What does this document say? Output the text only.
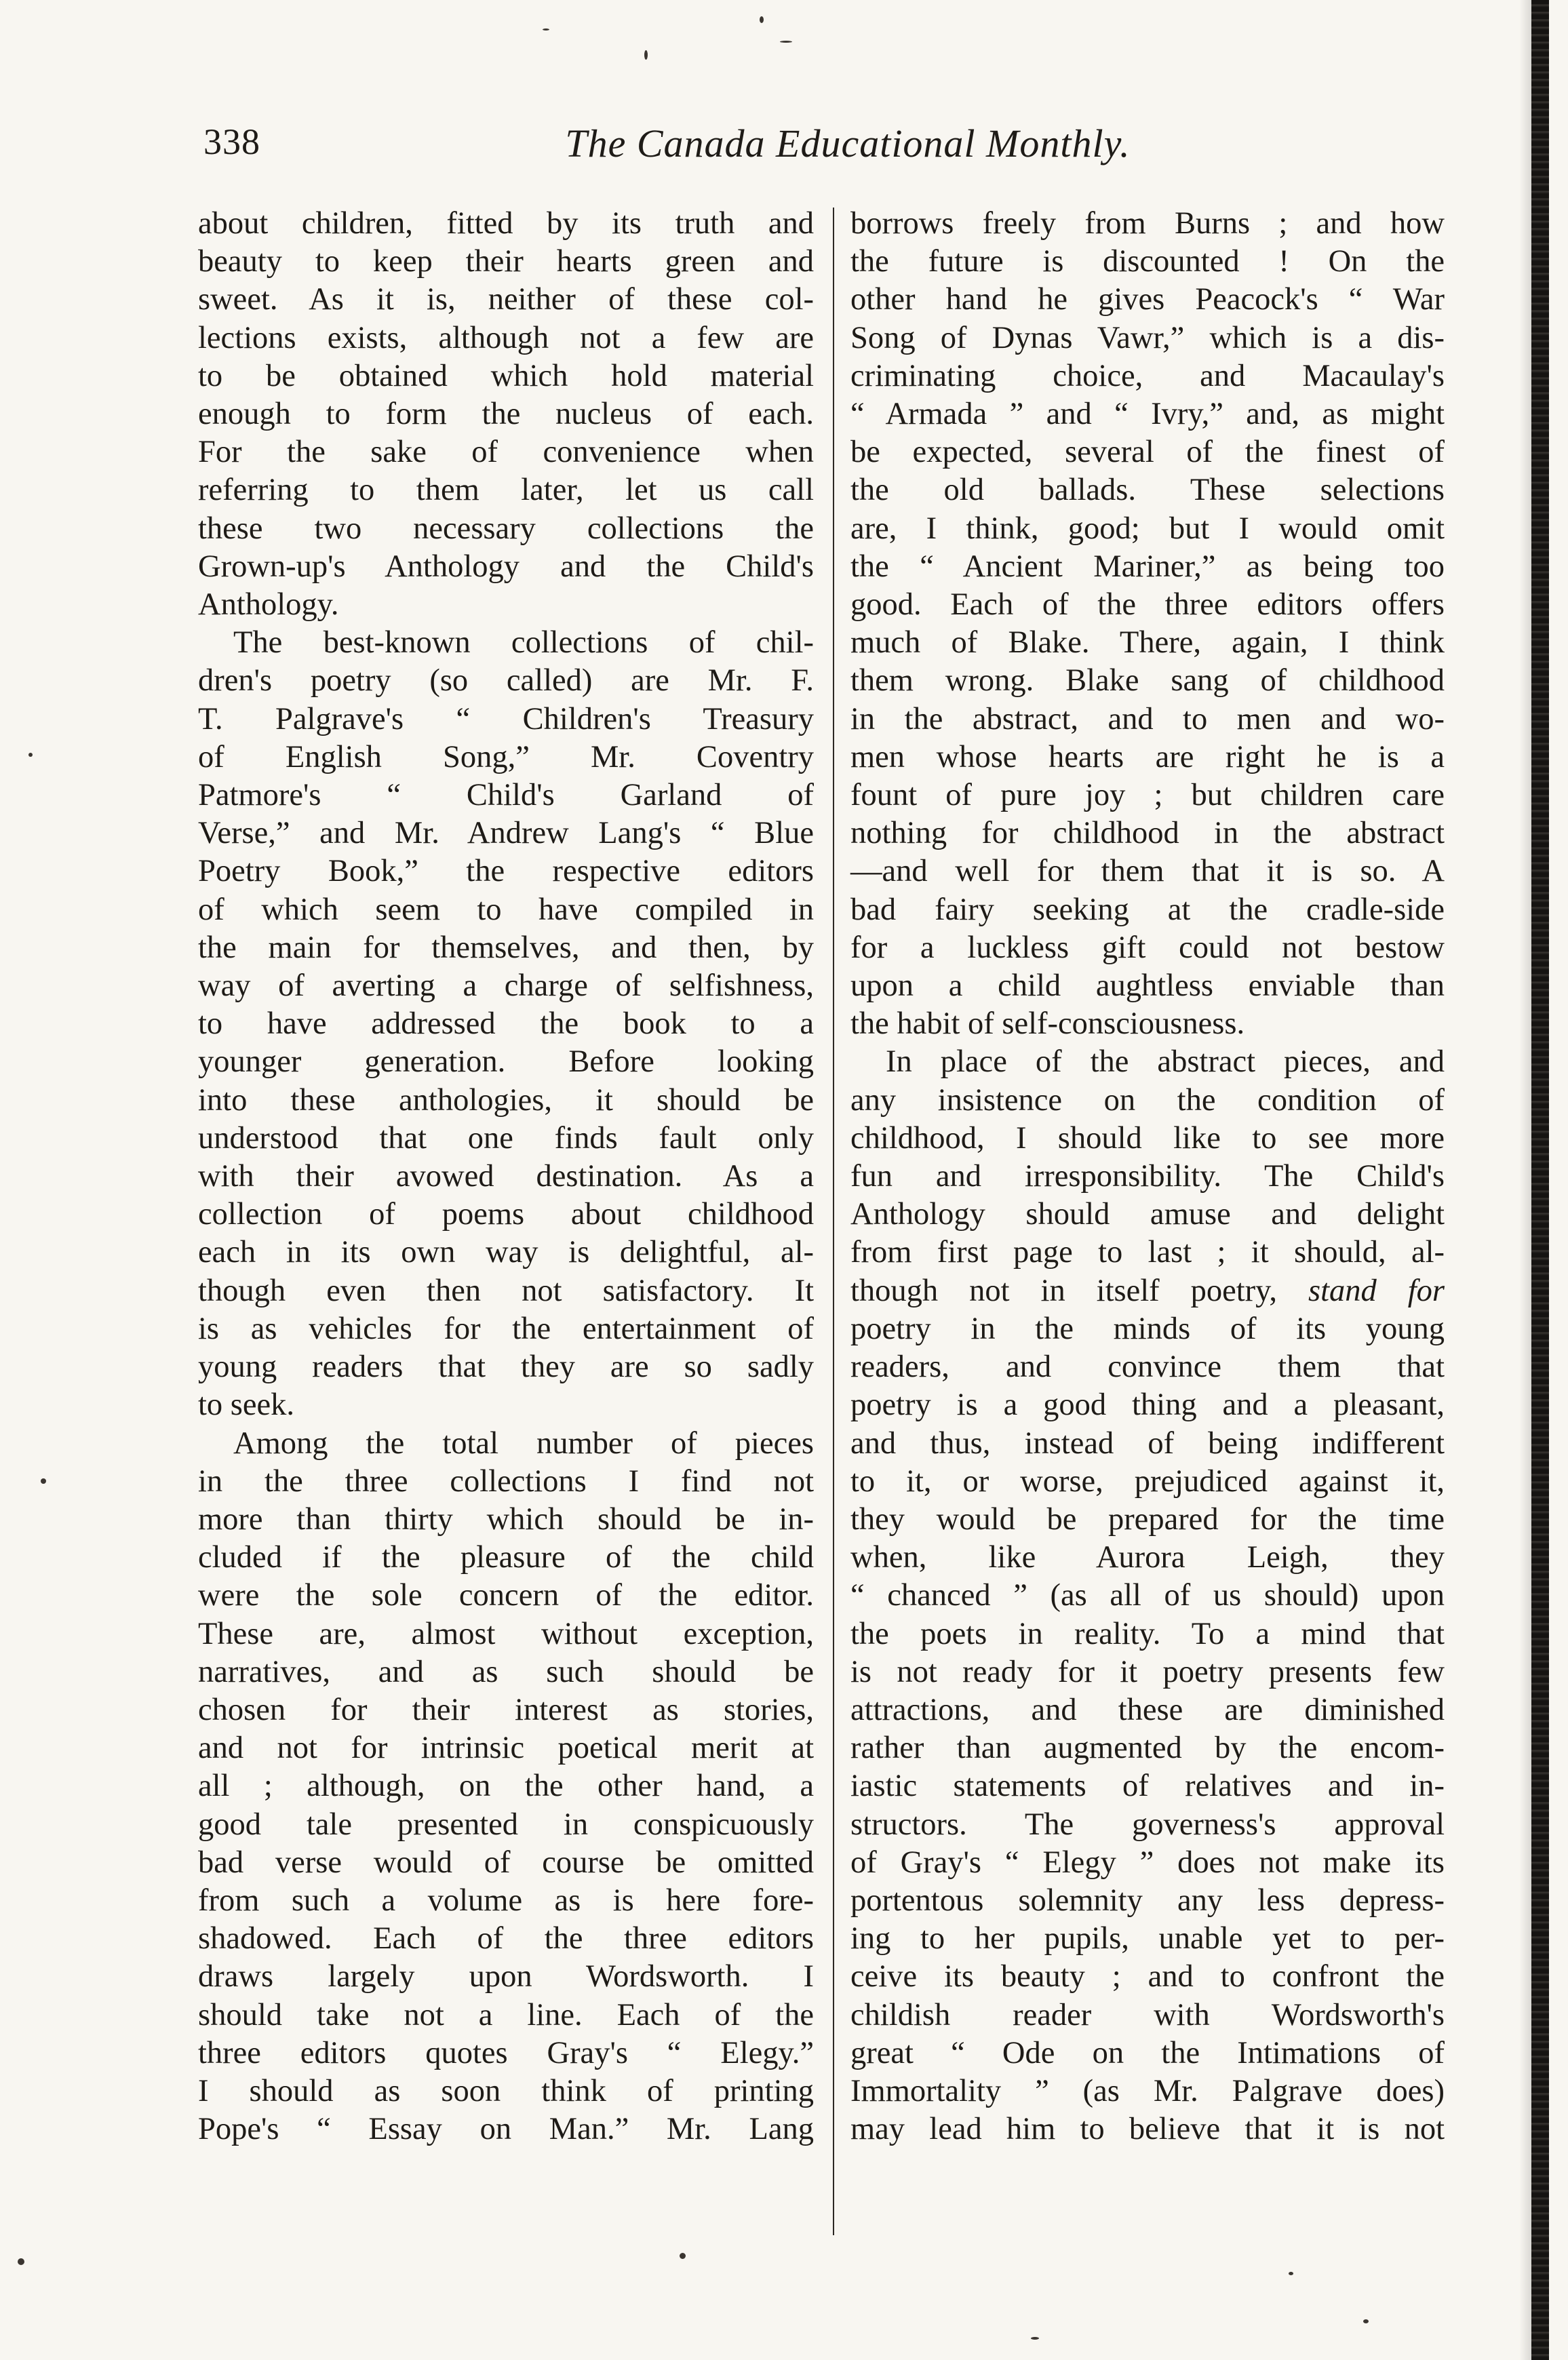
338	The Canada Educational Monthly.
about children, fitted by its truth and
beauty to keep their hearts green and
sweet. As it is, neither of these col-
lections exists, although not a few are
to be obtained which hold material
enough to form the nucleus of each.
For the sake of convenience when
referring to them later, let us call
these two necessary collections the
Grown-up's Anthology and the Child's
Anthology.
The best-known collections of chil-
dren's poetry (so called) are Mr. F.
T. Palgrave's “ Children's Treasury
of English Song,” Mr. Coventry
Patmore's “ Child's Garland of
Verse,” and Mr. Andrew Lang's “ Blue
Poetry Book,” the respective editors
of which seem to have compiled in
the main for themselves, and then, by
way of averting a charge of selfishness,
to have addressed the book to a
younger generation. Before looking
into these anthologies, it should be
understood that one finds fault only
with their avowed destination. As a
collection of poems about childhood
each in its own way is delightful, al-
though even then not satisfactory. It
is as vehicles for the entertainment of
young readers that they are so sadly
to seek.
Among the total number of pieces
in the three collections I find not
more than thirty which should be in-
cluded if the pleasure of the child
were the sole concern of the editor.
These are, almost without exception,
narratives, and as such should be
chosen for their interest as stories,
and not for intrinsic poetical merit at
all ; although, on the other hand, a
good tale presented in conspicuously
bad verse would of course be omitted
from such a volume as is here fore-
shadowed. Each of the three editors
draws largely upon Wordsworth. I
should take not a line. Each of the
three editors quotes Gray's “ Elegy.”
I should as soon think of printing
Pope's “ Essay on Man.” Mr. Lang
borrows freely from Burns ; and how
the future is discounted ! On the
other hand he gives Peacock's “ War
Song of Dynas Vawr,” which is a dis-
criminating choice, and Macaulay's
“ Armada ” and “ Ivry,” and, as might
be expected, several of the finest of
the old ballads. These selections
are, I think, good; but I would omit
the “ Ancient Mariner,” as being too
good. Each of the three editors offers
much of Blake. There, again, I think
them wrong. Blake sang of childhood
in the abstract, and to men and wo-
men whose hearts are right he is a
fount of pure joy ; but children care
nothing for childhood in the abstract
—and well for them that it is so. A
bad fairy seeking at the cradle-side
for a luckless gift could not bestow
upon a child aughtless enviable than
the habit of self-consciousness.
In place of the abstract pieces, and
any insistence on the condition of
childhood, I should like to see more
fun and irresponsibility. The Child's
Anthology should amuse and delight
from first page to last ; it should, al-
though not in itself poetry, stand for
poetry in the minds of its young
readers, and convince them that
poetry is a good thing and a pleasant,
and thus, instead of being indifferent
to it, or worse, prejudiced against it,
they would be prepared for the time
when, like Aurora Leigh, they
“ chanced ” (as all of us should) upon
the poets in reality. To a mind that
is not ready for it poetry presents few
attractions, and these are diminished
rather than augmented by the encom-
iastic statements of relatives and in-
structors. The governess's approval
of Gray's “ Elegy ” does not make its
portentous solemnity any less depress-
ing to her pupils, unable yet to per-
ceive its beauty ; and to confront the
childish reader with Wordsworth's
great “ Ode on the Intimations of
Immortality ” (as Mr. Palgrave does)
may lead him to believe that it is not
